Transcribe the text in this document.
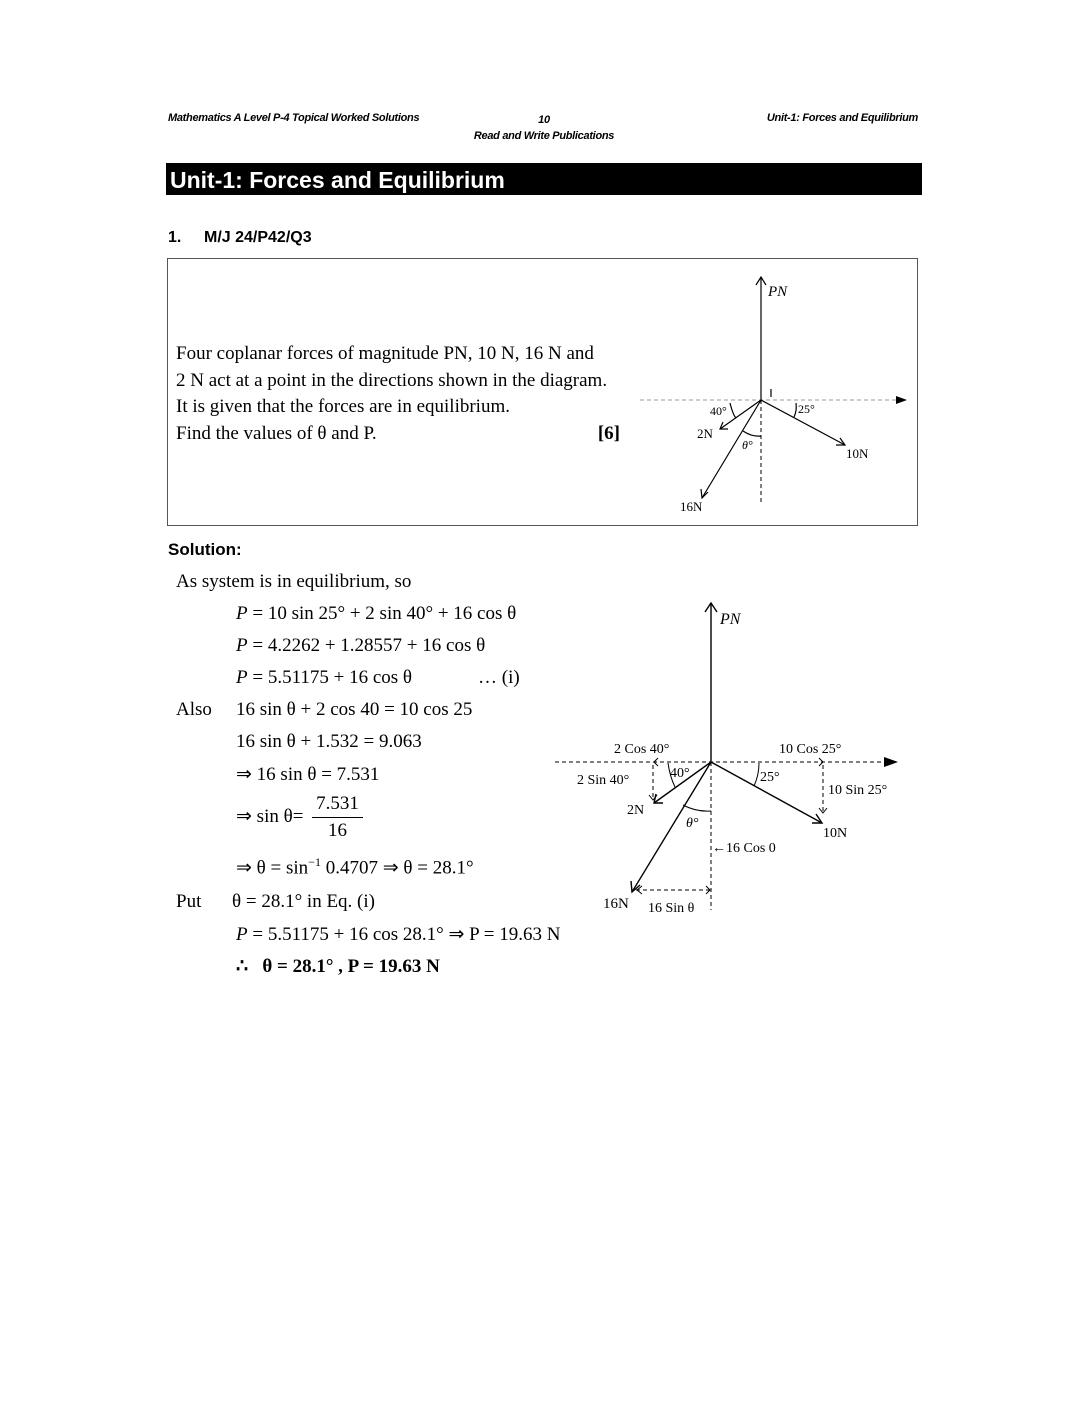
Mathematics A Level P-4 Topical Worked Solutions	10
Read and Write Publications
Unit-1: Forces and Equilibrium
Unit-1: Forces and Equilibrium
1. M/J 24/P42/Q3
Four coplanar forces of magnitude PN, 10 N, 16 N and
2 N act at a point in the directions shown in the diagram.
It is given that the forces are in equilibrium.
Find the values of θ and P.	[6]
PN
40°	25°
2N
θ°
10N
16N
Solution:
As system is in equilibrium, so
P = 10 sin 25° + 2 sin 40° + 16 cos θ
P = 4.2262 + 1.28557 + 16 cos θ
P = 5.51175 + 16 cos θ	… (i)
Also 16 sin θ + 2 cos 40 = 10 cos 25
16 sin θ + 1.532 = 9.063
⇒ 16 sin θ = 7.531
⇒ $\sin \theta= \frac{7.531}{16}$
⇒ $\theta = \sin^{-1} 0.4707$ ⇒ θ = 28.1°
Put θ = 28.1° in Eq. (i)
P = 5.51175 + 16 cos 28.1° ⇒ P = 19.63 N
∴ θ = 28.1° , P = 19.63 N
PN
2 Cos 40°	10 Cos 25°
2 Sin 40°	40°	25°
10 Sin 25°
2N
θ°
10N
←16 Cos 0
16N 16 Sin θ
